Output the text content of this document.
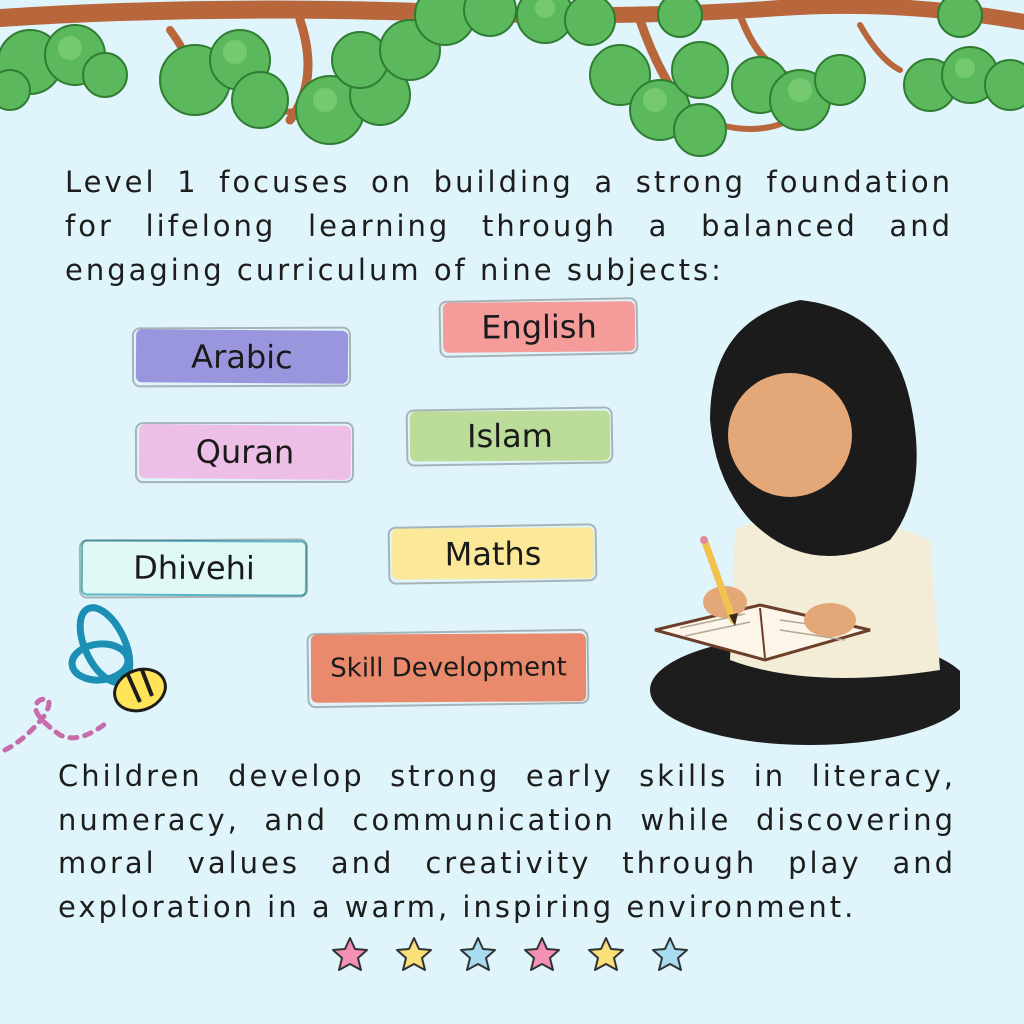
Level 1 focuses on building a strong foundation for lifelong learning through a balanced and engaging curriculum of nine subjects:

English
Arabic
Islam
Quran
Maths
Dhivehi
Skill Development

Children develop strong early skills in literacy, numeracy, and communication while discovering moral values and creativity through play and exploration in a warm, inspiring environment.
